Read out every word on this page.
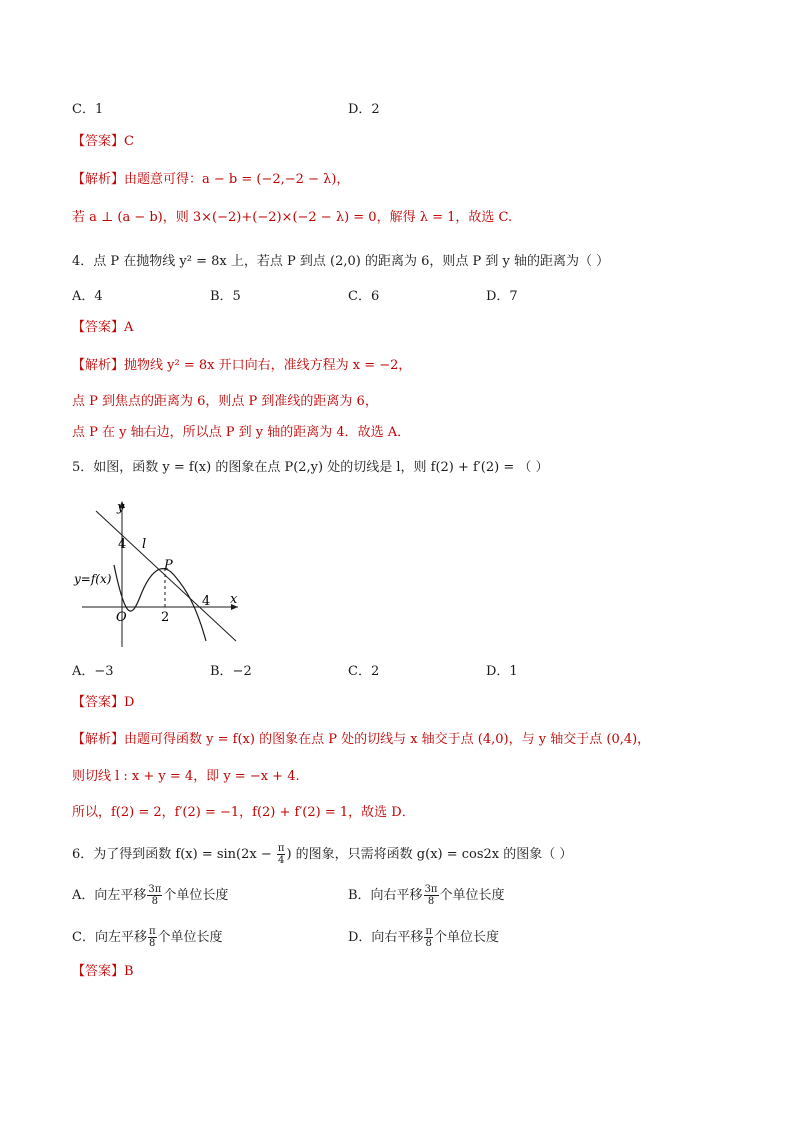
C．1	D．2
【答案】C
【解析】由题意可得：a − b = (−2,−2 − λ)，
若 a ⊥ (a − b)，则 3×(−2)+(−2)×(−2 − λ) = 0，解得 λ = 1，故选 C.
4．点 P 在抛物线 y² = 8x 上，若点 P 到点 (2,0) 的距离为 6，则点 P 到 y 轴的距离为（ ）
A．4	B．5	C．6	D．7
【答案】A
【解析】抛物线 y² = 8x 开口向右，准线方程为 x = −2，
点 P 到焦点的距离为 6，则点 P 到准线的距离为 6，
点 P 在 y 轴右边，所以点 P 到 y 轴的距离为 4．故选 A．
5．如图，函数 y = f(x) 的图象在点 P(2,y) 处的切线是 l，则 f(2) + f′(2) = （ ）
y
x
l
P
O
4
4
2
y=f(x)
A．−3	B．−2	C．2	D．1
【答案】D
【解析】由题可得函数 y = f(x) 的图象在点 P 处的切线与 x 轴交于点 (4,0)，与 y 轴交于点 (0,4)，
则切线 l : x + y = 4，即 y = −x + 4.
所以，f(2) = 2，f′(2) = −1，f(2) + f′(2) = 1，故选 D．
6．为了得到函数 $f(x) = \sin(2x - \frac{\pi}{4}$ ) 的图象，只需将函数 g(x) = cos2x 的图象（ ）
A．向左平移 $\frac{3\pi}{8}$ 个单位长度	B．向右平移 $\frac{3\pi}{8}$ 个单位长度
C．向左平移 $\frac{\pi}{8}$ 个单位长度	D．向右平移 $\frac{\pi}{8}$ 个单位长度
【答案】B
